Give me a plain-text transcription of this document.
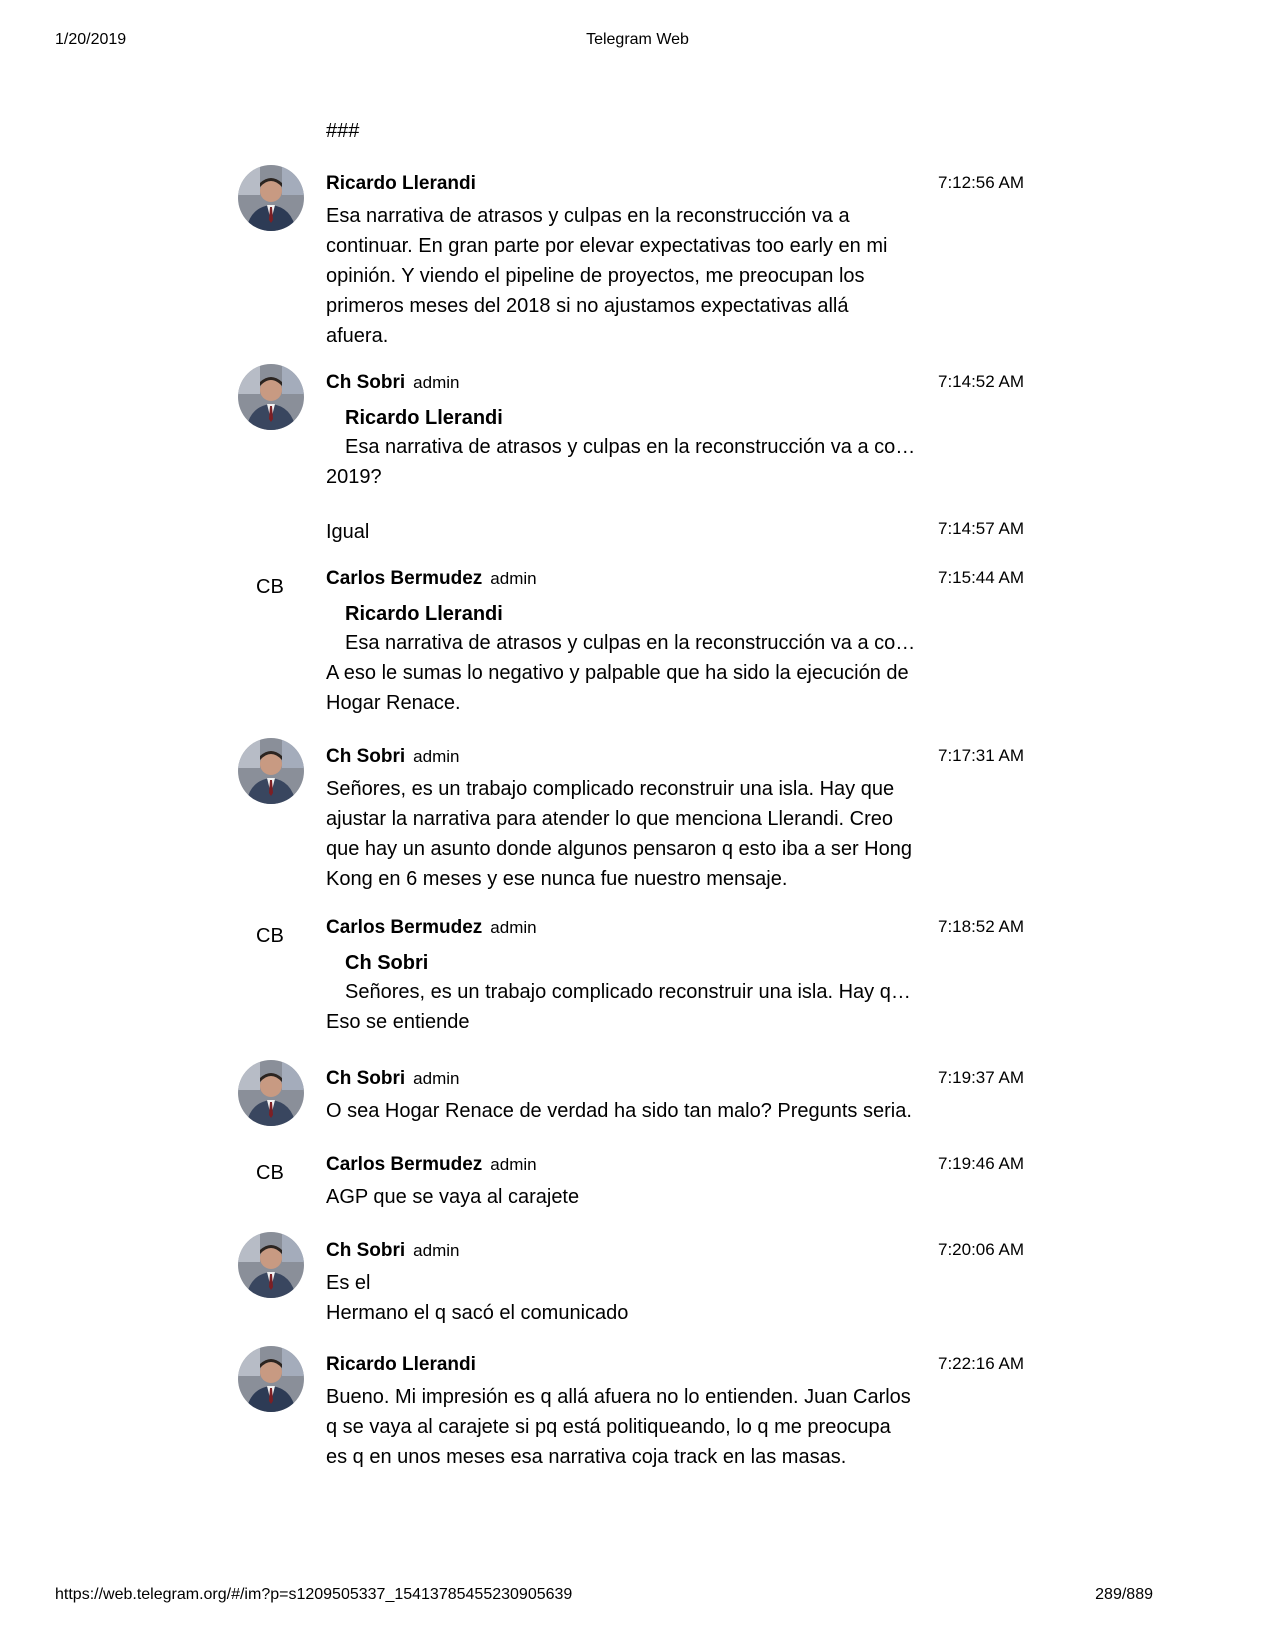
1/20/2019	Telegram Web
###
Ricardo Llerandi	7:12:56 AM

Esa narrativa de atrasos y culpas en la reconstrucción va a

continuar. En gran parte por elevar expectativas too early en mi

opinión. Y viendo el pipeline de proyectos, me preocupan los

primeros meses del 2018 si no ajustamos expectativas allá

afuera.

Ch Sobri admin	7:14:52 AM
Ricardo Llerandi
Esa narrativa de atrasos y culpas en la reconstrucción va a co…

2019?

7:14:57 AM

Igual

CB Carlos Bermudez admin	7:15:44 AM
Ricardo Llerandi
Esa narrativa de atrasos y culpas en la reconstrucción va a co…

A eso le sumas lo negativo y palpable que ha sido la ejecución de

Hogar Renace.

Ch Sobri admin	7:17:31 AM

Señores, es un trabajo complicado reconstruir una isla. Hay que

ajustar la narrativa para atender lo que menciona Llerandi. Creo

que hay un asunto donde algunos pensaron q esto iba a ser Hong

Kong en 6 meses y ese nunca fue nuestro mensaje.

CB Carlos Bermudez admin	7:18:52 AM
Ch Sobri
Señores, es un trabajo complicado reconstruir una isla. Hay q…

Eso se entiende

Ch Sobri admin	7:19:37 AM

O sea Hogar Renace de verdad ha sido tan malo? Pregunts seria.

CB Carlos Bermudez admin	7:19:46 AM

AGP que se vaya al carajete

Ch Sobri admin	7:20:06 AM

Es el

Hermano el q sacó el comunicado

Ricardo Llerandi	7:22:16 AM

Bueno. Mi impresión es q allá afuera no lo entienden. Juan Carlos

q se vaya al carajete si pq está politiqueando, lo q me preocupa

es q en unos meses esa narrativa coja track en las masas.

https://web.telegram.org/#/im?p=s1209505337_15413785455230905639	289/889
